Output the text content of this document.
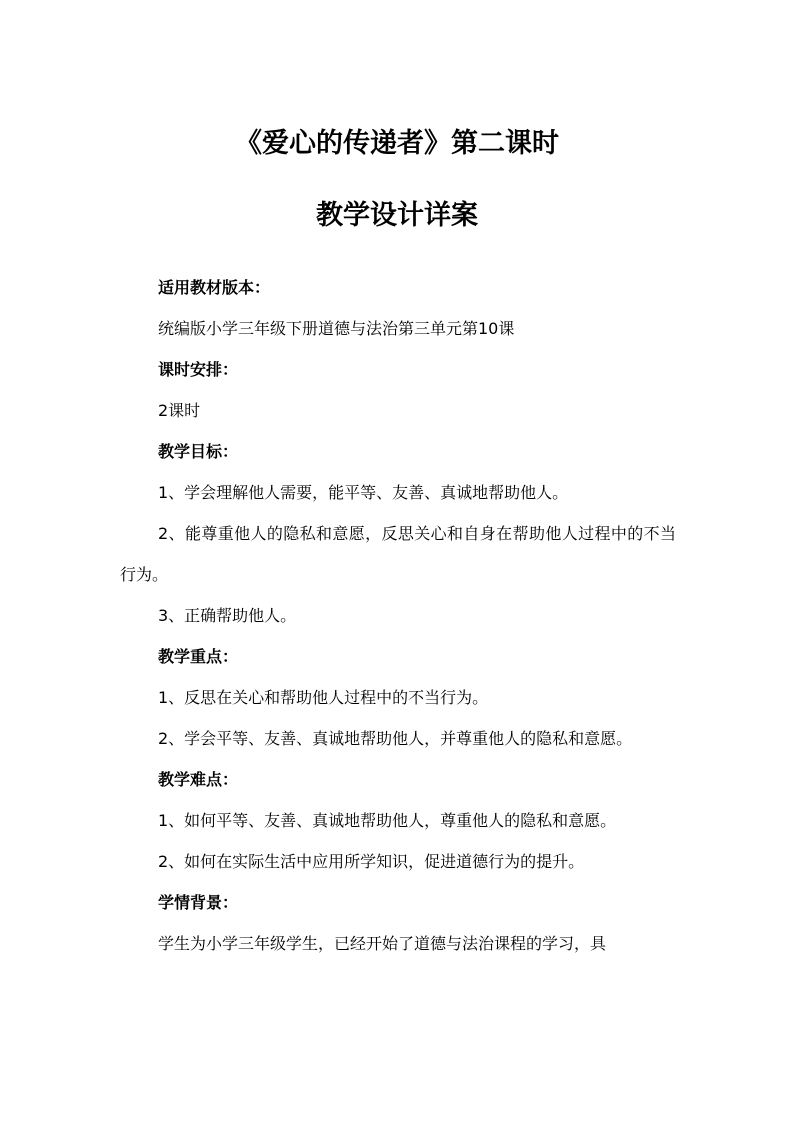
《爱心的传递者》第二课时
教学设计详案

适用教材版本：

统编版小学三年级下册道德与法治第三单元第10课

课时安排：

2课时

教学目标：

1、学会理解他人需要，能平等、友善、真诚地帮助他人。

2、能尊重他人的隐私和意愿，反思关心和自身在帮助他人过程中的不当行为。

3、正确帮助他人。

教学重点：

1、反思在关心和帮助他人过程中的不当行为。

2、学会平等、友善、真诚地帮助他人，并尊重他人的隐私和意愿。

教学难点：

1、如何平等、友善、真诚地帮助他人，尊重他人的隐私和意愿。

2、如何在实际生活中应用所学知识，促进道德行为的提升。

学情背景：

学生为小学三年级学生，已经开始了道德与法治课程的学习，具
